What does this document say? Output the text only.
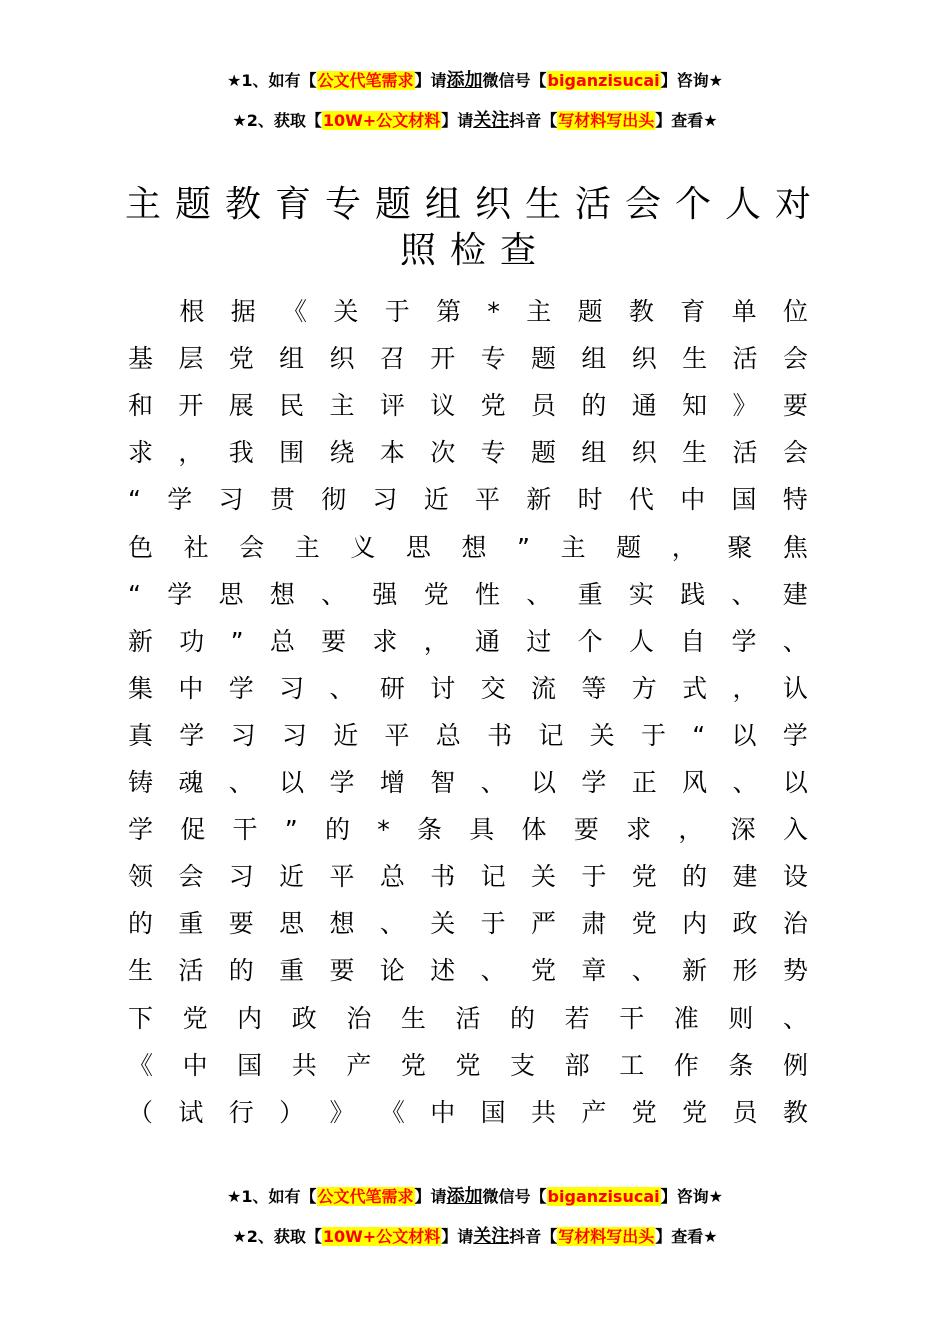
★1、如有【公文代笔需求】请添加微信号【biganzisucai】咨询★
★2、获取【10W+公文材料】请关注抖音【写材料写出头】查看★
主题教育专题组织生活会个人对
照检查

根 据 《 关 于 第 * 主 题 教 育 单 位
基 层 党 组 织 召 开 专 题 组 织 生 活 会
和 开 展 民 主 评 议 党 员 的 通 知 》 要
求 ， 我 围 绕 本 次 专 题 组 织 生 活 会
“ 学 习 贯 彻 习 近 平 新 时 代 中 国 特
色 社 会 主 义 思 想 ” 主 题 ， 聚 焦
“ 学 思 想 、 强 党 性 、 重 实 践 、 建
新 功 ” 总 要 求 ， 通 过 个 人 自 学 、
集 中 学 习 、 研 讨 交 流 等 方 式 ， 认
真 学 习 习 近 平 总 书 记 关 于 “ 以 学
铸 魂 、 以 学 增 智 、 以 学 正 风 、 以
学 促 干 ” 的 * 条 具 体 要 求 ， 深 入
领 会 习 近 平 总 书 记 关 于 党 的 建 设
的 重 要 思 想 、 关 于 严 肃 党 内 政 治
生 活 的 重 要 论 述 、 党 章 、 新 形 势
下 党 内 政 治 生 活 的 若 干 准 则 、
《 中 国 共 产 党 党 支 部 工 作 条 例
（ 试 行 ） 》 《 中 国 共 产 党 党 员 教
★1、如有【公文代笔需求】请添加微信号【biganzisucai】咨询★
★2、获取【10W+公文材料】请关注抖音【写材料写出头】查看★
